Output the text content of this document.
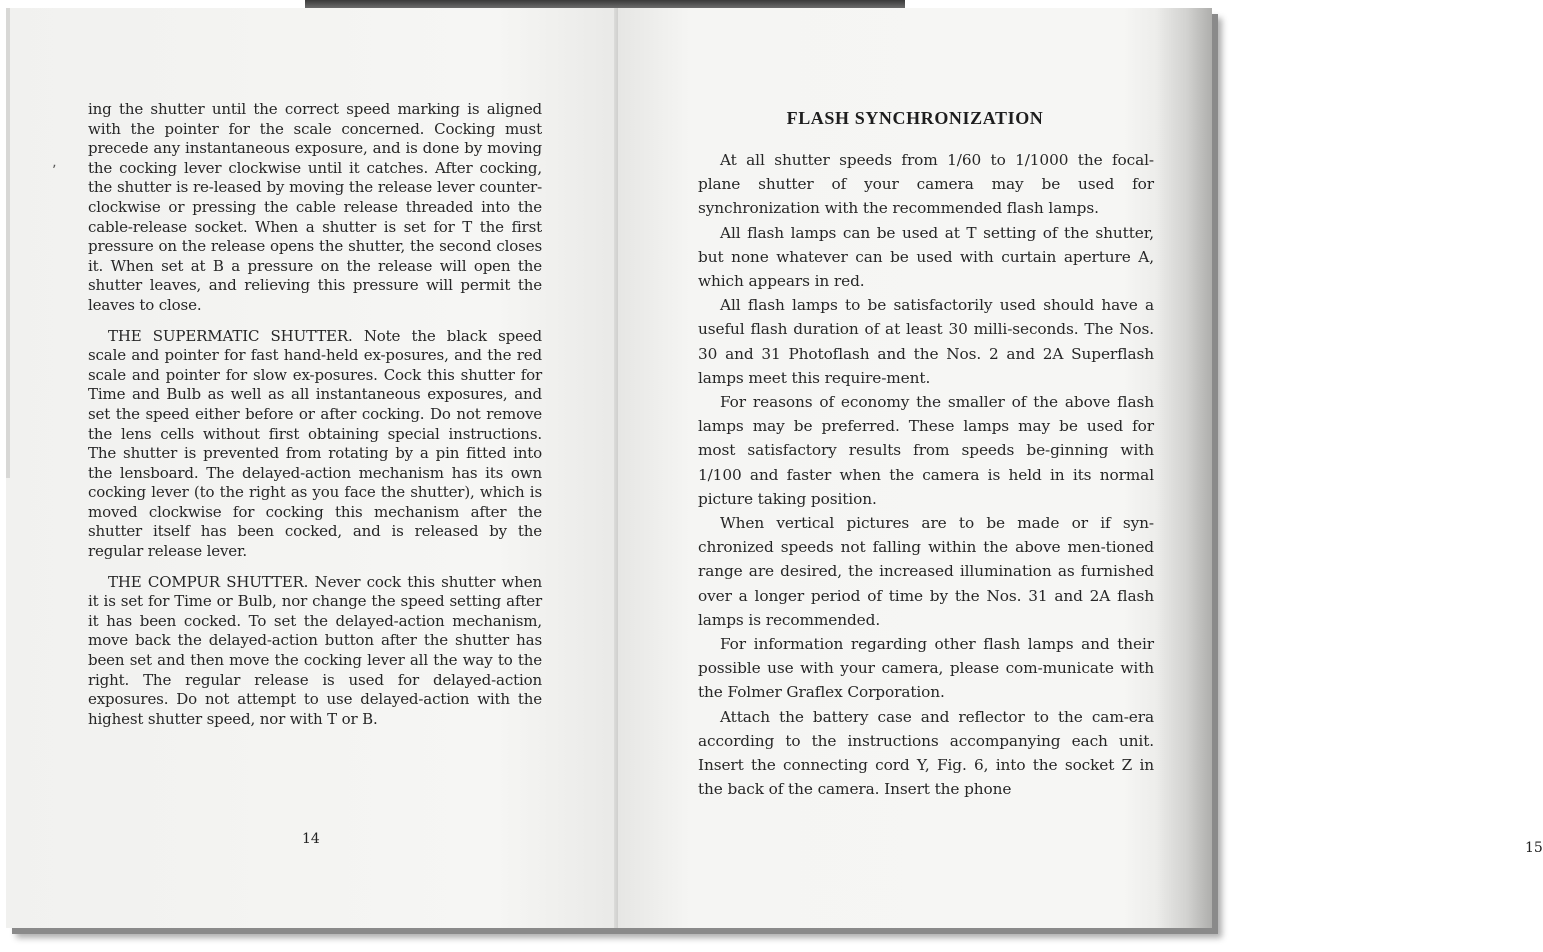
ing the shutter until the correct speed marking is aligned with the pointer for the scale concerned. Cocking must precede any instantaneous exposure, and is done by moving the cocking lever clockwise until it catches. After cocking, the shutter is re-leased by moving the release lever counter-clockwise or pressing the cable release threaded into the cable-release socket. When a shutter is set for T the first pressure on the release opens the shutter, the second closes it. When set at B a pressure on the release will open the shutter leaves, and relieving this pressure will permit the leaves to close.

THE SUPERMATIC SHUTTER. Note the black speed scale and pointer for fast hand-held ex-posures, and the red scale and pointer for slow ex-posures. Cock this shutter for Time and Bulb as well as all instantaneous exposures, and set the speed either before or after cocking. Do not remove the lens cells without first obtaining special instructions. The shutter is prevented from rotating by a pin fitted into the lensboard. The delayed-action mechanism has its own cocking lever (to the right as you face the shutter), which is moved clockwise for cocking this mechanism after the shutter itself has been cocked, and is released by the regular release lever.

THE COMPUR SHUTTER. Never cock this shutter when it is set for Time or Bulb, nor change the speed setting after it has been cocked. To set the delayed-action mechanism, move back the delayed-action button after the shutter has been set and then move the cocking lever all the way to the right. The regular release is used for delayed-action exposures. Do not attempt to use delayed-action with the highest shutter speed, nor with T or B.

14
ʼ

At all shutter speeds from 1/60 to 1/1000 the focal-plane shutter of your camera may be used for synchronization with the recommended flash lamps.

All flash lamps can be used at T setting of the shutter, but none whatever can be used with curtain aperture A, which appears in red.

All flash lamps to be satisfactorily used should have a useful flash duration of at least 30 milli-seconds. The Nos. 30 and 31 Photoflash and the Nos. 2 and 2A Superflash lamps meet this require-ment.

For reasons of economy the smaller of the above flash lamps may be preferred. These lamps may be used for most satisfactory results from speeds be-ginning with 1/100 and faster when the camera is held in its normal picture taking position.

When vertical pictures are to be made or if syn-chronized speeds not falling within the above men-tioned range are desired, the increased illumination as furnished over a longer period of time by the Nos. 31 and 2A flash lamps is recommended.

For information regarding other flash lamps and their possible use with your camera, please com-municate with the Folmer Graflex Corporation.

Attach the battery case and reflector to the cam-era according to the instructions accompanying each unit. Insert the connecting cord Y, Fig. 6, into the socket Z in the back of the camera. Insert the phone

15
FLASH SYNCHRONIZATION
